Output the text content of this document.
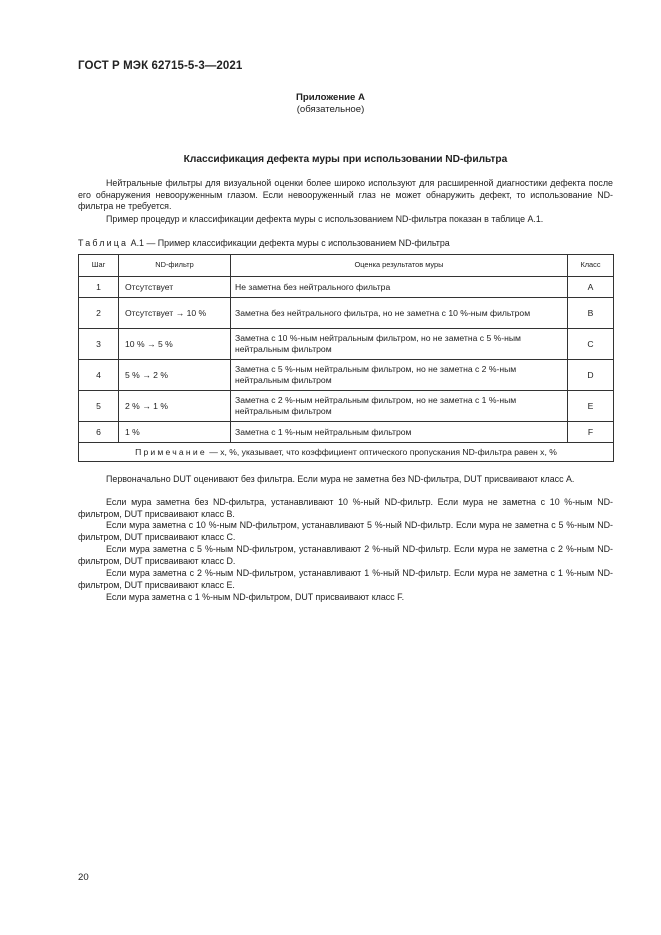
ГОСТ Р МЭК 62715-5-3—2021
Приложение А
(обязательное)
Классификация дефекта муры при использовании ND-фильтра

Нейтральные фильтры для визуальной оценки более широко используют для расширенной диагностики дефекта после его обнаружения невооруженным глазом. Если невооруженный глаз не может обнаружить дефект, то использование ND-фильтра не требуется.

Пример процедур и классификации дефекта муры с использованием ND-фильтра показан в таблице А.1.

Таблица А.1 — Пример классификации дефекта муры с использованием ND-фильтра
Шаг	ND-фильтр	Оценка результатов муры	Класс
1	Отсутствует	Не заметна без нейтрального фильтра	A
2	Отсутствует → 10 %	Заметна без нейтрального фильтра, но не заметна с 10 %-ным фильтром	B
3	10 % → 5 %	Заметна с 10 %-ным нейтральным фильтром, но не заметна с 5 %-ным нейтральным фильтром	C
4	5 % → 2 %	Заметна с 5 %-ным нейтральным фильтром, но не заметна с 2 %-ным нейтральным фильтром	D
5	2 % → 1 %	Заметна с 2 %-ным нейтральным фильтром, но не заметна с 1 %-ным нейтральным фильтром	E
6	1 %	Заметна с 1 %-ным нейтральным фильтром	F
Примечание — x, %, указывает, что коэффициент оптического пропускания ND-фильтра равен x, %			

Первоначально DUT оценивают без фильтра. Если мура не заметна без ND-фильтра, DUT присваивают класс А.

Если мура заметна без ND-фильтра, устанавливают 10 %-ный ND-фильтр. Если мура не заметна с 10 %-ным ND-фильтром, DUT присваивают класс В.

Если мура заметна с 10 %-ным ND-фильтром, устанавливают 5 %-ный ND-фильтр. Если мура не заметна с 5 %-ным ND-фильтром, DUT присваивают класс С.

Если мура заметна с 5 %-ным ND-фильтром, устанавливают 2 %-ный ND-фильтр. Если мура не заметна с 2 %-ным ND-фильтром, DUT присваивают класс D.

Если мура заметна с 2 %-ным ND-фильтром, устанавливают 1 %-ный ND-фильтр. Если мура не заметна с 1 %-ным ND-фильтром, DUT присваивают класс Е.

Если мура заметна с 1 %-ным ND-фильтром, DUT присваивают класс F.

20
